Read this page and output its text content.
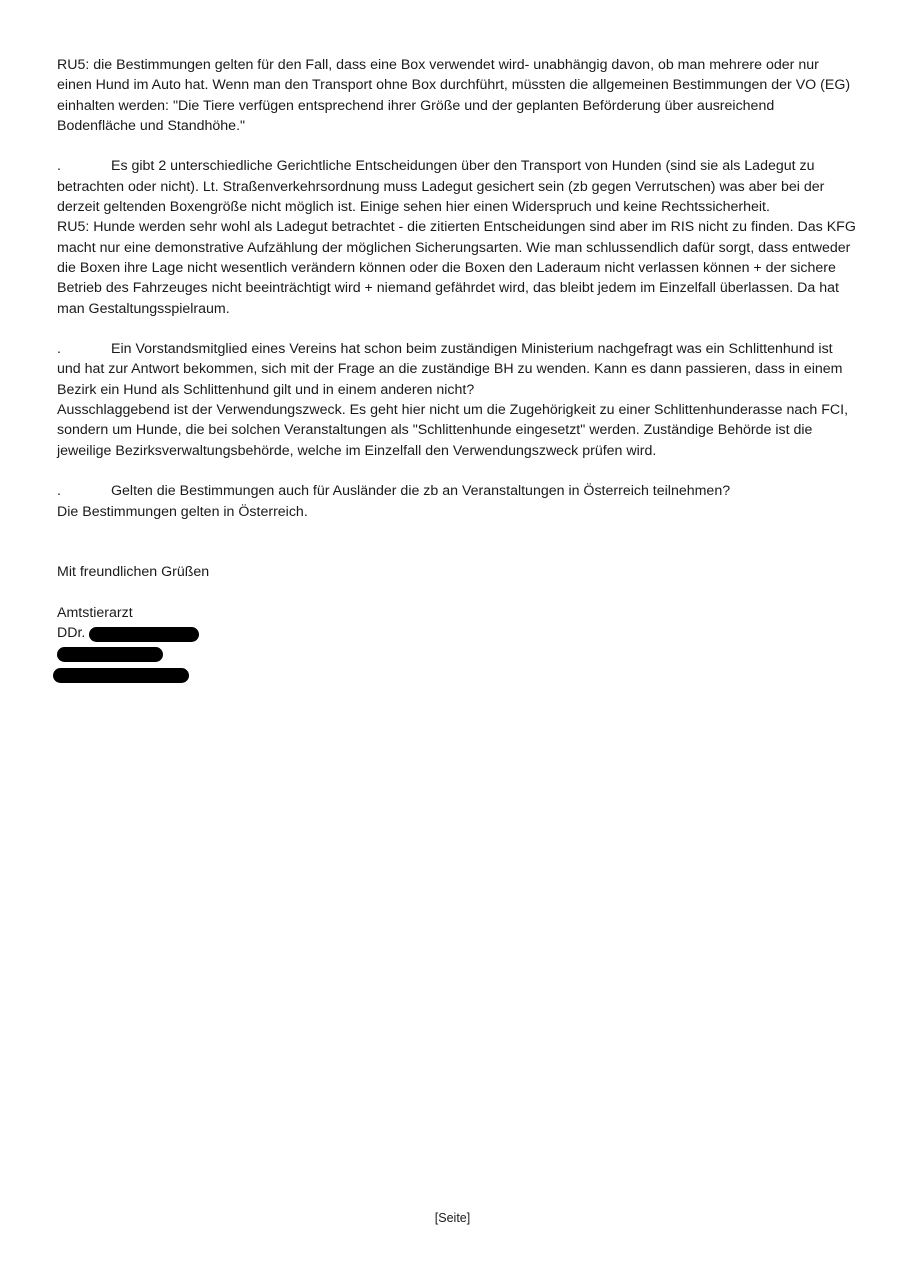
RU5: die Bestimmungen gelten für den Fall, dass eine Box verwendet wird- unabhängig davon, ob man mehrere oder nur einen Hund im Auto hat. Wenn man den Transport ohne Box durchführt, müssten die allgemeinen Bestimmungen der VO (EG) einhalten werden: "Die Tiere verfügen entsprechend ihrer Größe und der geplanten Beförderung über ausreichend Bodenfläche und Standhöhe."

.	Es gibt 2 unterschiedliche Gerichtliche Entscheidungen über den Transport von Hunden (sind sie als Ladegut zu betrachten oder nicht). Lt. Straßenverkehrsordnung muss Ladegut gesichert sein (zb gegen Verrutschen) was aber bei der derzeit geltenden Boxengröße nicht möglich ist. Einige sehen hier einen Widerspruch und keine Rechtssicherheit.

RU5: Hunde werden sehr wohl als Ladegut betrachtet - die zitierten Entscheidungen sind aber im RIS nicht zu finden. Das KFG macht nur eine demonstrative Aufzählung der möglichen Sicherungsarten. Wie man schlussendlich dafür sorgt, dass entweder die Boxen ihre Lage nicht wesentlich verändern können oder die Boxen den Laderaum nicht verlassen können + der sichere Betrieb des Fahrzeuges nicht beeinträchtigt wird + niemand gefährdet wird, das bleibt jedem im Einzelfall überlassen. Da hat man Gestaltungsspielraum.

.	Ein Vorstandsmitglied eines Vereins hat schon beim zuständigen Ministerium nachgefragt was ein Schlittenhund ist und hat zur Antwort bekommen, sich mit der Frage an die zuständige BH zu wenden. Kann es dann passieren, dass in einem Bezirk ein Hund als Schlittenhund gilt und in einem anderen nicht?

Ausschlaggebend ist der Verwendungszweck. Es geht hier nicht um die Zugehörigkeit zu einer Schlittenhunderasse nach FCI, sondern um Hunde, die bei solchen Veranstaltungen als "Schlittenhunde eingesetzt" werden. Zuständige Behörde ist die jeweilige Bezirksverwaltungsbehörde, welche im Einzelfall den Verwendungszweck prüfen wird.

.	Gelten die Bestimmungen auch für Ausländer die zb an Veranstaltungen in Österreich teilnehmen?

Die Bestimmungen gelten in Österreich.

Mit freundlichen Grüßen

Amtstierarzt

DDr.
[Seite]
